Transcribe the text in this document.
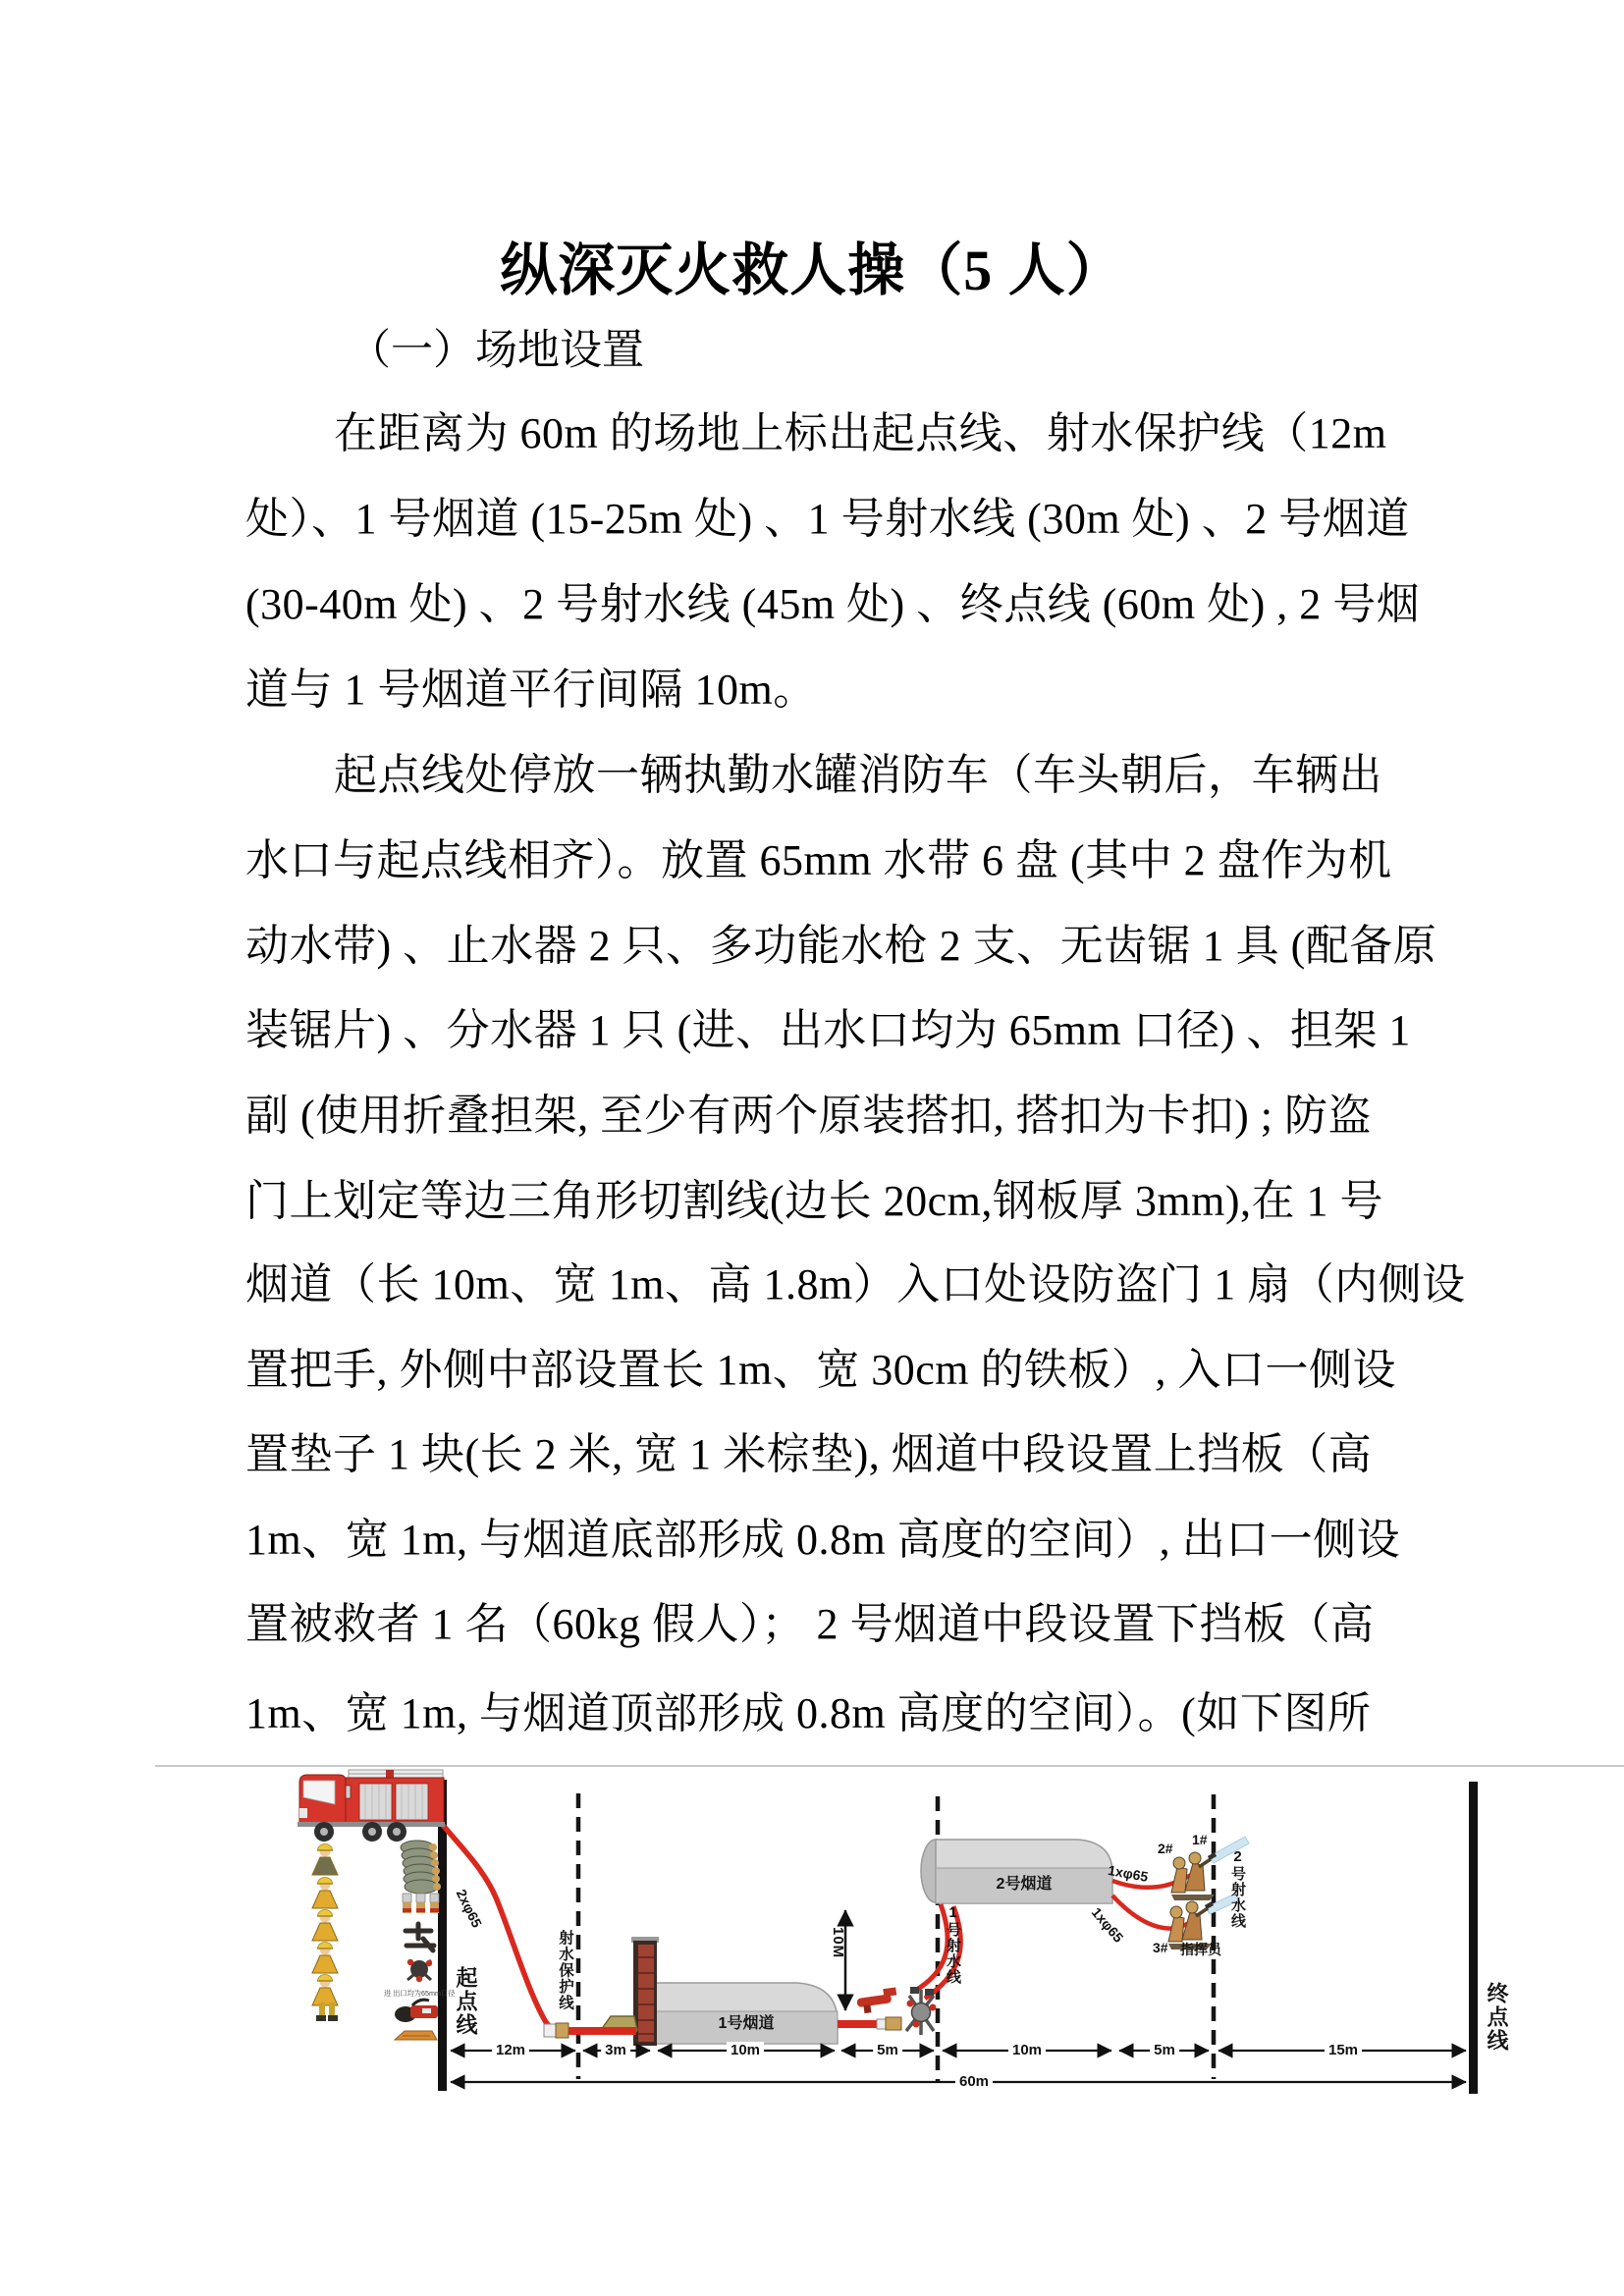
纵深灭火救人操（5 人）
（一）场地设置
在距离为 60m 的场地上标出起点线、射水保护线（12m
处）、1 号烟道 (15-25m 处) 、1 号射水线 (30m 处) 、2 号烟道
(30-40m 处) 、2 号射水线 (45m 处) 、终点线 (60m 处) , 2 号烟
道与 1 号烟道平行间隔 10m。
起点线处停放一辆执勤水罐消防车（车头朝后，车辆出
水口与起点线相齐）。放置 65mm 水带 6 盘 (其中 2 盘作为机
动水带) 、止水器 2 只、多功能水枪 2 支、无齿锯 1 具 (配备原
装锯片) 、分水器 1 只 (进、出水口均为 65mm 口径) 、担架 1
副 (使用折叠担架, 至少有两个原装搭扣, 搭扣为卡扣) ; 防盗
门上划定等边三角形切割线(边长 20cm,钢板厚 3mm),在 1 号
烟道（长 10m、宽 1m、高 1.8m）入口处设防盗门 1 扇（内侧设
置把手, 外侧中部设置长 1m、宽 30cm 的铁板）, 入口一侧设
置垫子 1 块(长 2 米, 宽 1 米棕垫), 烟道中段设置上挡板（高
1m、宽 1m, 与烟道底部形成 0.8m 高度的空间）, 出口一侧设
置被救者 1 名（60kg 假人）； 2 号烟道中段设置下挡板（高
1m、宽 1m, 与烟道顶部形成 0.8m 高度的空间）。(如下图所
起点线	射水保护线	1号射水线
2号射水线
终点线
10M
1号烟道
2号烟道
2xφ65
1xφ65
1xφ65
1#
2#
3# 指挥员
进 出口均为65mm口径
12m	3m	10m	5m	10m	5m	15m
60m
